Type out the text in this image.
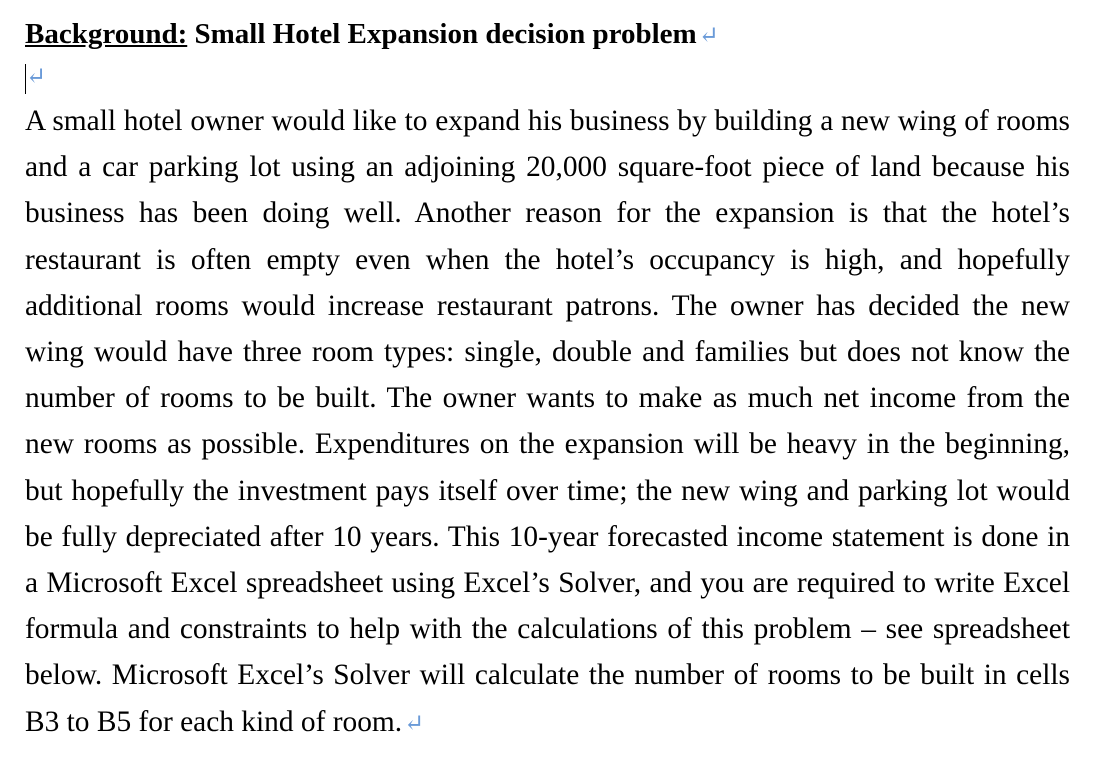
Background: Small Hotel Expansion decision problem↵
↵

A small hotel owner would like to expand his business by building a new wing of rooms and a car parking lot using an adjoining 20,000 square-foot piece of land because his business has been doing well. Another reason for the expansion is that the hotel’s restaurant is often empty even when the hotel’s occupancy is high, and hopefully additional rooms would increase restaurant patrons. The owner has decided the new wing would have three room types: single, double and families but does not know the number of rooms to be built. The owner wants to make as much net income from the new rooms as possible. Expenditures on the expansion will be heavy in the beginning, but hopefully the investment pays itself over time; the new wing and parking lot would be fully depreciated after 10 years. This 10-year forecasted income statement is done in a Microsoft Excel spreadsheet using Excel’s Solver, and you are required to write Excel formula and constraints to help with the calculations of this problem – see spreadsheet below. Microsoft Excel’s Solver will calculate the number of rooms to be built in cells B3 to B5 for each kind of room.↵
